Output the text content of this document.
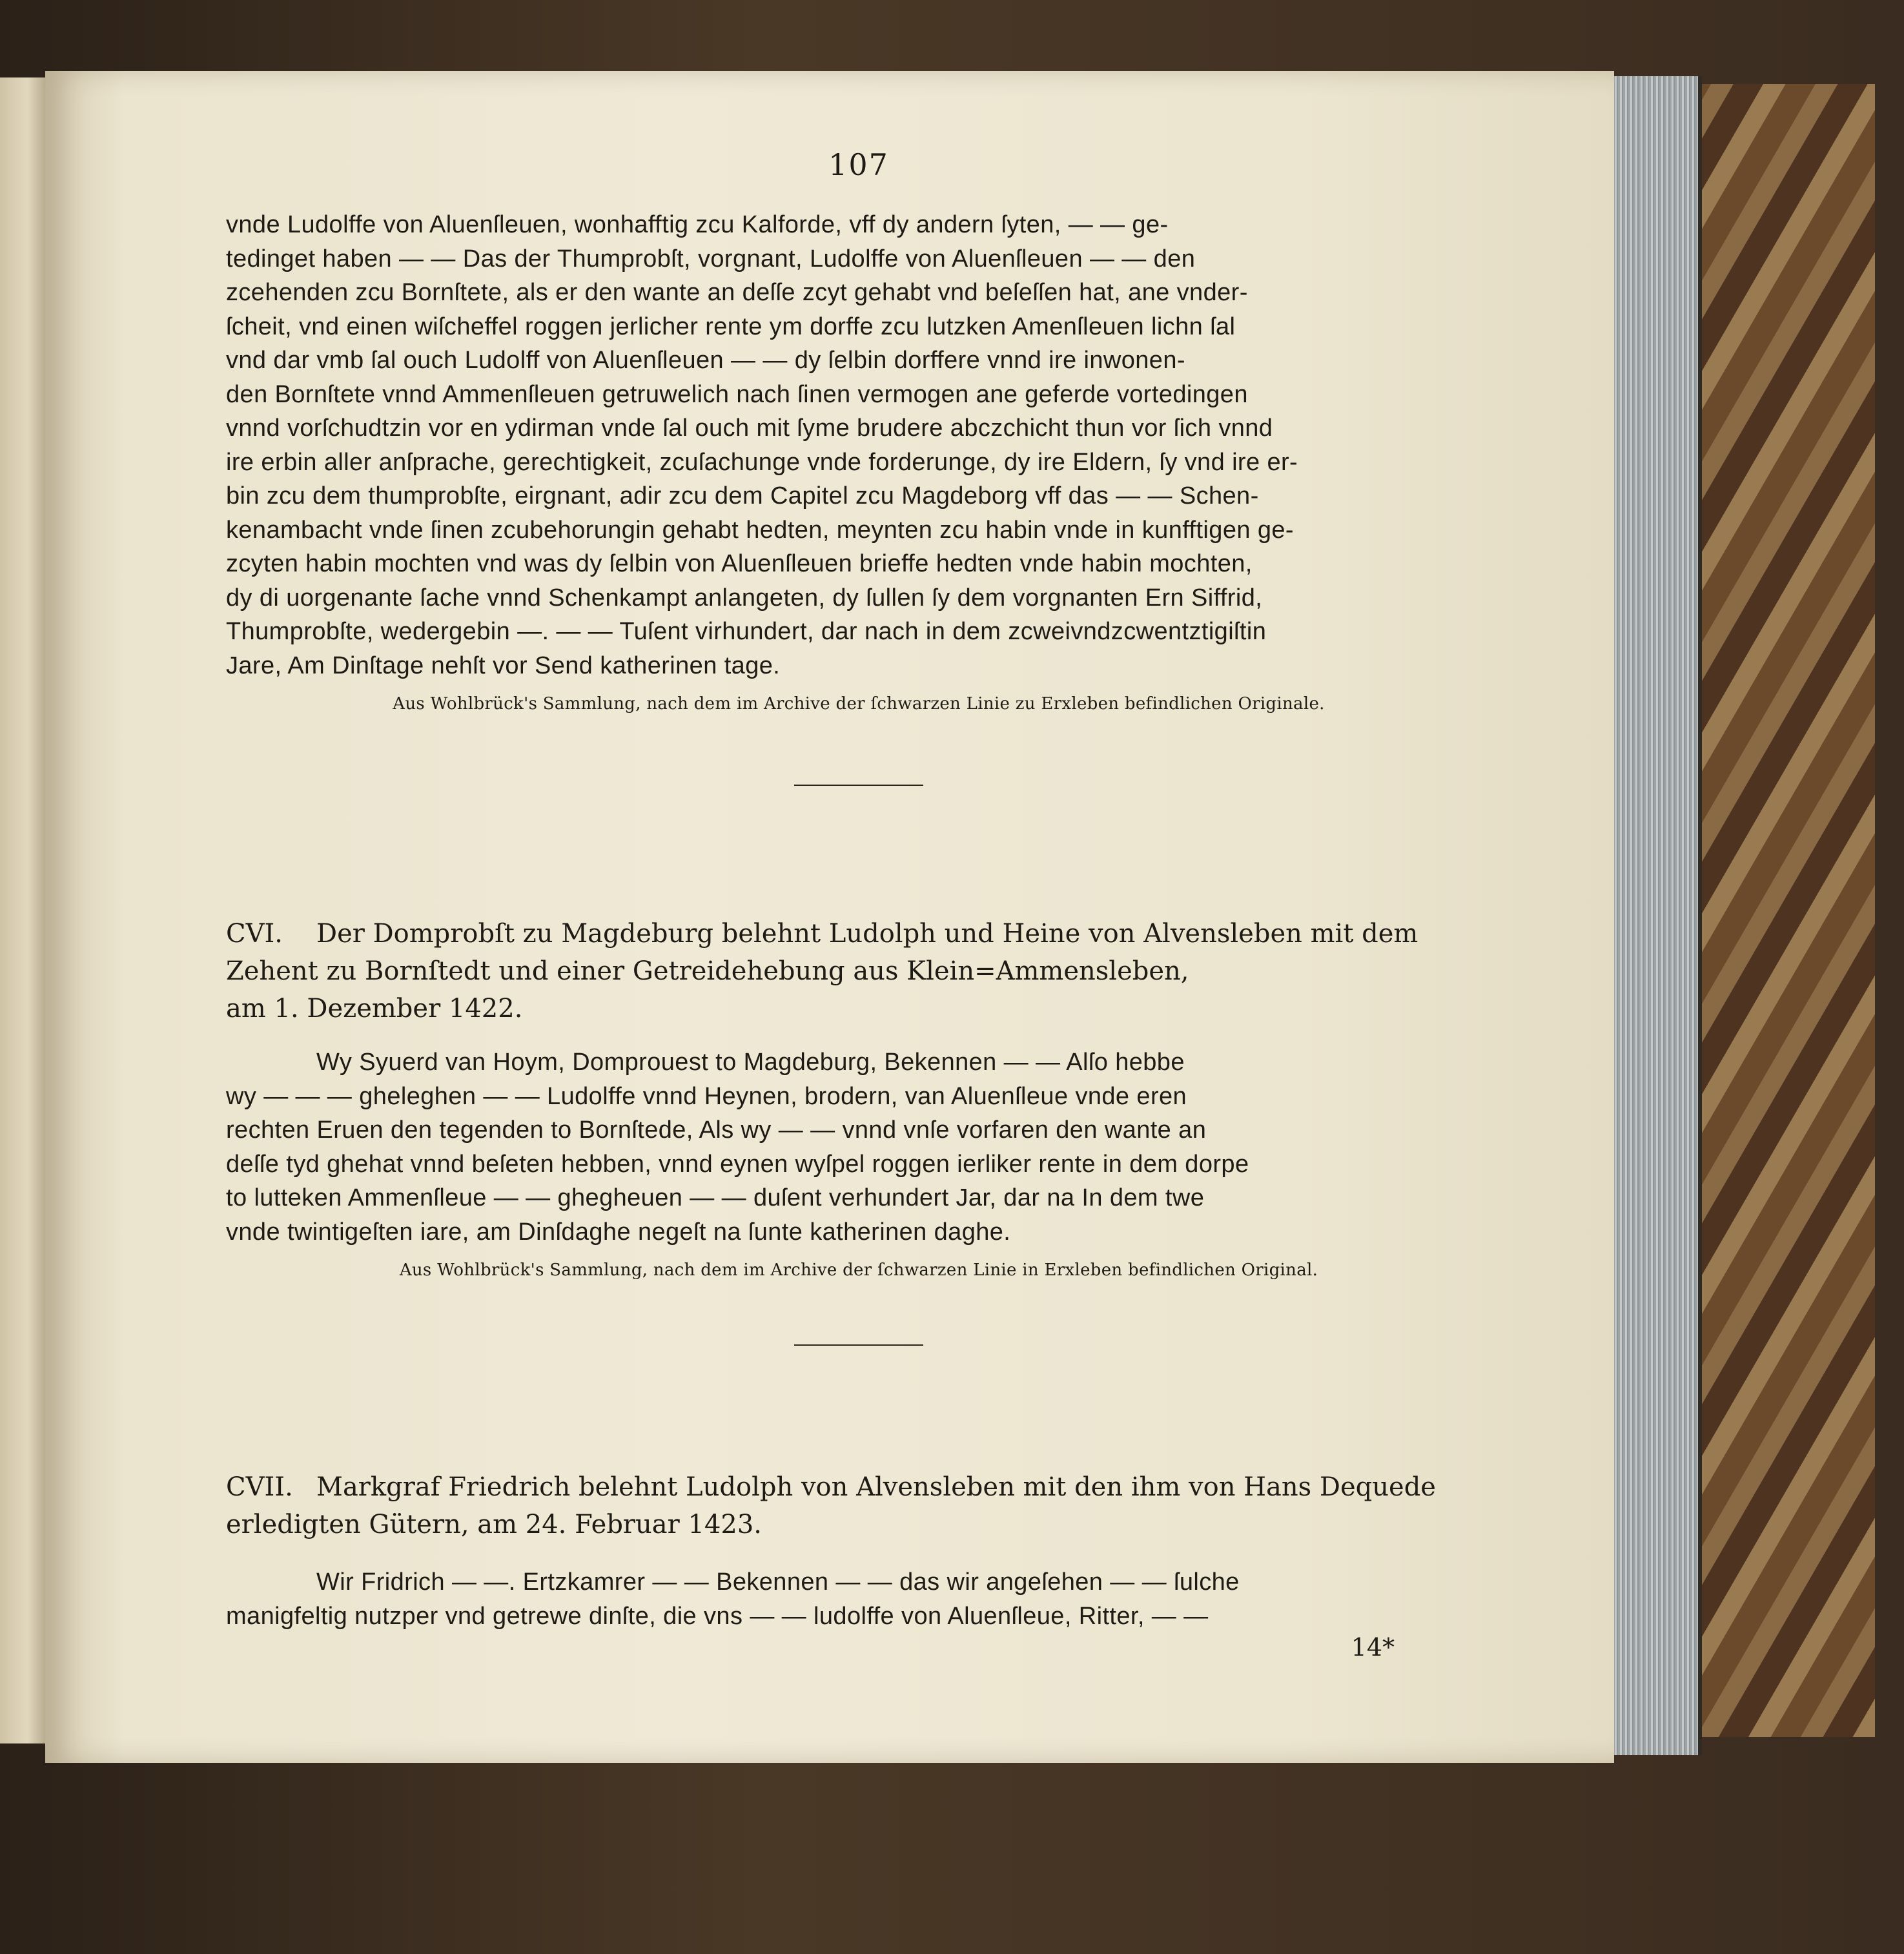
107

vnde Ludolffe von Aluenſleuen, wonhafftig zcu Kalforde, vff dy andern ſyten, — — ge-

tedinget haben — — Das der Thumprobſt, vorgnant, Ludolffe von Aluenſleuen — — den

zcehenden zcu Bornſtete, als er den wante an deſſe zcyt gehabt vnd beſeſſen hat, ane vnder-

ſcheit, vnd einen wiſcheffel roggen jerlicher rente ym dorffe zcu lutzken Amenſleuen lichn ſal

vnd dar vmb ſal ouch Ludolff von Aluenſleuen — — dy ſelbin dorffere vnnd ire inwonen-

den Bornſtete vnnd Ammenſleuen getruwelich nach ſinen vermogen ane geferde vortedingen

vnnd vorſchudtzin vor en ydirman vnde ſal ouch mit ſyme brudere abczchicht thun vor ſich vnnd

ire erbin aller anſprache, gerechtigkeit, zcuſachunge vnde forderunge, dy ire Eldern, ſy vnd ire er-

bin zcu dem thumprobſte, eirgnant, adir zcu dem Capitel zcu Magdeborg vff das — — Schen-

kenambacht vnde ſinen zcubehorungin gehabt hedten, meynten zcu habin vnde in kunfftigen ge-

zcyten habin mochten vnd was dy ſelbin von Aluenſleuen brieffe hedten vnde habin mochten,

dy di uorgenante ſache vnnd Schenkampt anlangeten, dy ſullen ſy dem vorgnanten Ern Siffrid,

Thumprobſte, wedergebin —. — — Tuſent virhundert, dar nach in dem zcweivndzcwentztigiſtin

Jare, Am Dinſtage nehſt vor Send katherinen tage.

Aus Wohlbrück's Sammlung, nach dem im Archive der ſchwarzen Linie zu Erxleben befindlichen Originale.

CVI. Der Domprobſt zu Magdeburg belehnt Ludolph und Heine von Alvensleben mit dem

Zehent zu Bornſtedt und einer Getreidehebung aus Klein=Ammensleben,

am 1. Dezember 1422.

Wy Syuerd van Hoym, Domprouest to Magdeburg, Bekennen — — Alſo hebbe

wy — — — gheleghen — — Ludolffe vnnd Heynen, brodern, van Aluenſleue vnde eren

rechten Eruen den tegenden to Bornſtede, Als wy — — vnnd vnſe vorfaren den wante an

deſſe tyd ghehat vnnd beſeten hebben, vnnd eynen wyſpel roggen ierliker rente in dem dorpe

to lutteken Ammenſleue — — ghegheuen — — duſent verhundert Jar, dar na In dem twe

vnde twintigeſten iare, am Dinſdaghe negeſt na ſunte katherinen daghe.

Aus Wohlbrück's Sammlung, nach dem im Archive der ſchwarzen Linie in Erxleben befindlichen Original.

CVII. Markgraf Friedrich belehnt Ludolph von Alvensleben mit den ihm von Hans Dequede

erledigten Gütern, am 24. Februar 1423.

Wir Fridrich — —. Ertzkamrer — — Bekennen — — das wir angeſehen — — ſulche

manigfeltig nutzper vnd getrewe dinſte, die vns — — ludolffe von Aluenſleue, Ritter, — —

14*
